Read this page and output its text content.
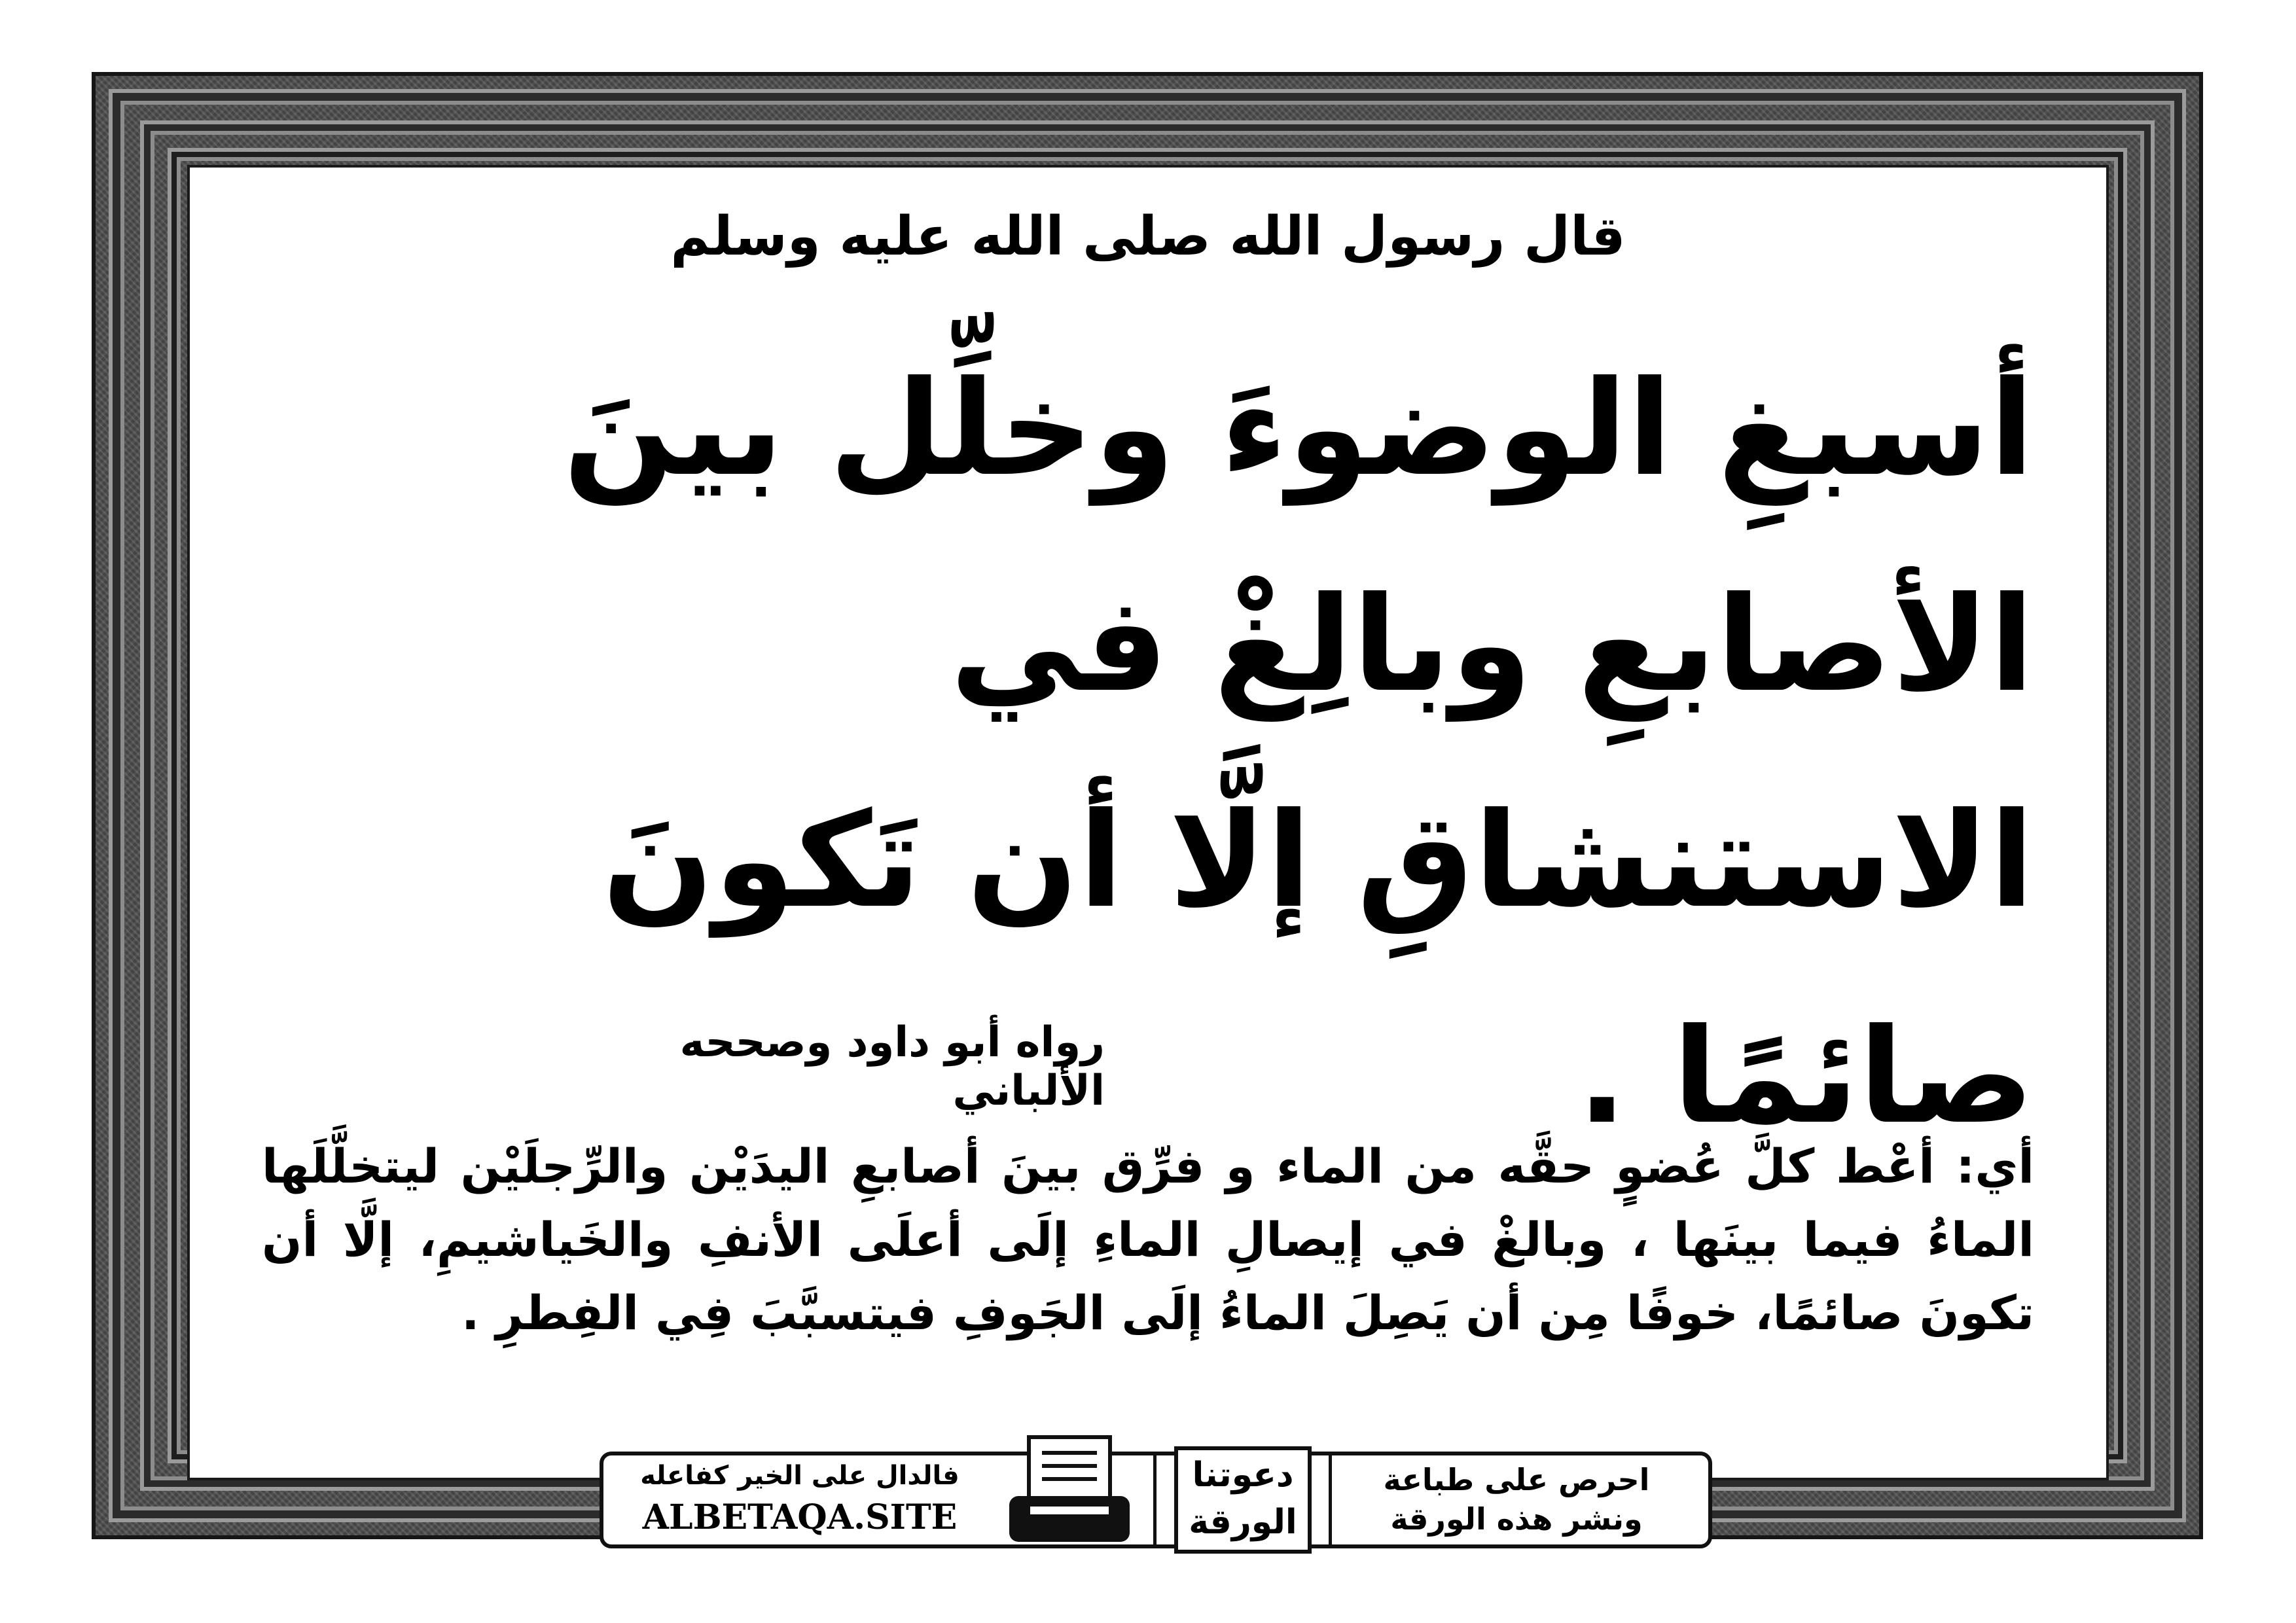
قال رسول الله صلى الله عليه وسلم

أسبغِ الوضوءَ وخلِّل بينَ الأصابعِ وبالِغْ في الاستنشاقِ إلَّا أن تَكونَ صائمًا .

رواه أبو داود وصححه الألباني

أي: أعْط كلَّ عُضوٍ حقَّه من الماء و فرِّق بينَ أصابعِ اليدَيْن والرِّجلَيْن ليتخلَّلَها الماءُ فيما بينَها ، وبالغْ في إيصالِ الماءِ إلَى أعلَى الأنفِ والخَياشيمِ، إلَّا أن تكونَ صائمًا، خوفًا مِن أن يَصِلَ الماءُ إلَى الجَوفِ فيتسبَّبَ فِي الفِطرِ .

فالدال على الخير كفاعله
ALBETAQA.SITE
دعوتنا
الورقة
احرص على طباعة
ونشر هذه الورقة
